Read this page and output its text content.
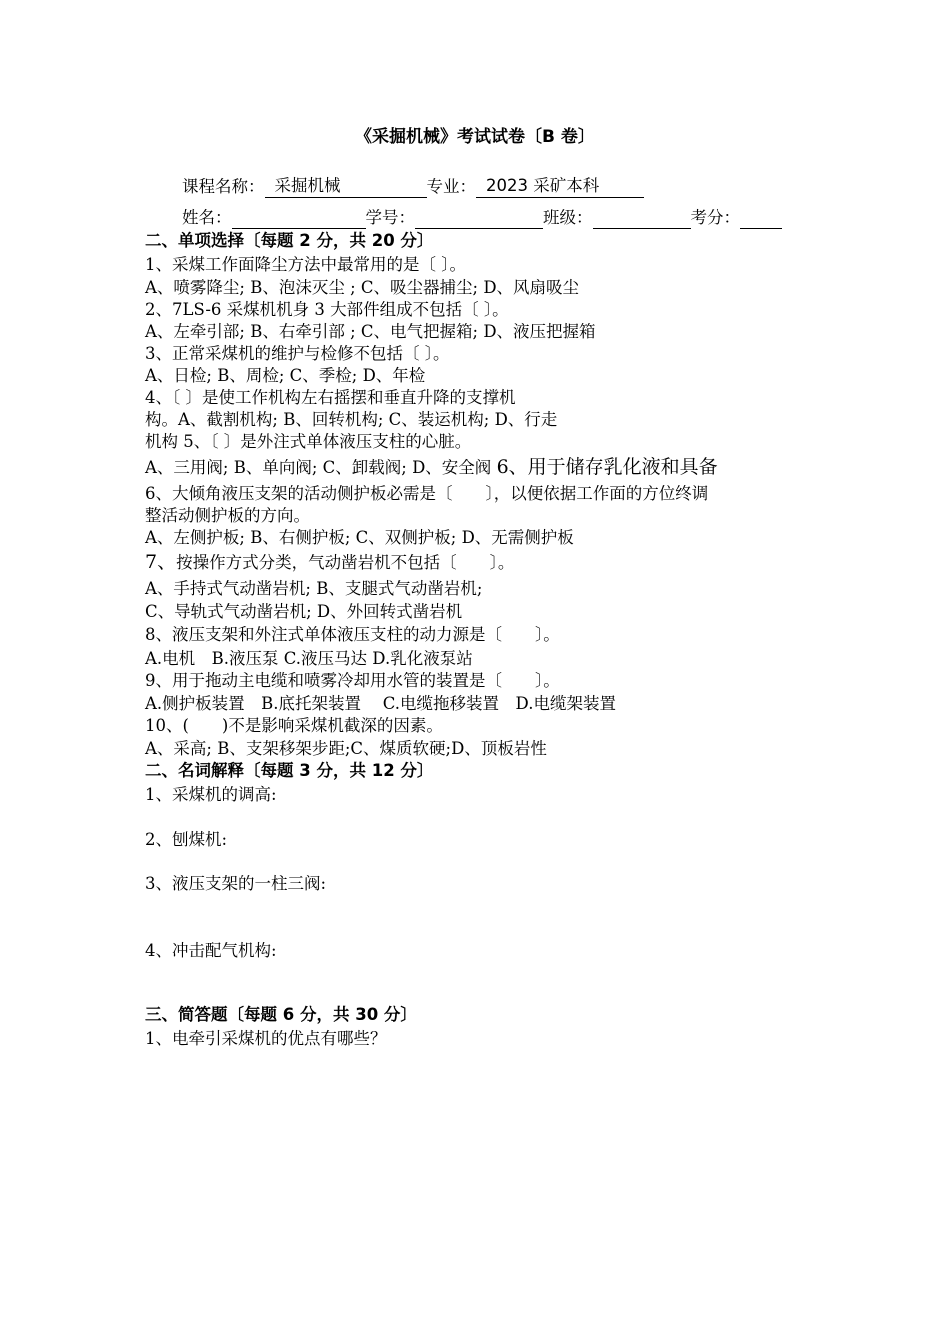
《采掘机械》考试试卷〔B 卷〕
课程名称： 采掘机械	专业： 2023 采矿本科
姓名：	学号：	班级：	考分：
二、单项选择〔每题 2 分，共 20 分〕
1、采煤工作面降尘方法中最常用的是〔 〕。
A、喷雾降尘; B、泡沫灭尘 ; C、吸尘器捕尘; D、风扇吸尘
2、7LS-6 采煤机机身 3 大部件组成不包括〔 〕。
A、左牵引部; B、右牵引部 ; C、电气把握箱; D、液压把握箱
3、正常采煤机的维护与检修不包括〔 〕。
A、日检; B、周检; C、季检; D、年检
4、〔 〕是使工作机构左右摇摆和垂直升降的支撑机
构。A、截割机构; B、回转机构; C、装运机构; D、行走
机构 5、〔 〕是外注式单体液压支柱的心脏。
A、三用阀; B、单向阀; C、卸载阀; D、安全阀 6、用于储存乳化液和具备
6、大倾角液压支架的活动侧护板必需是〔　　〕，以便依据工作面的方位终调
整活动侧护板的方向。
A、左侧护板; B、右侧护板; C、双侧护板; D、无需侧护板
7、按操作方式分类，气动凿岩机不包括〔　　〕。
A、手持式气动凿岩机; B、支腿式气动凿岩机;
C、导轨式气动凿岩机; D、外回转式凿岩机
8、液压支架和外注式单体液压支柱的动力源是〔　　〕。
A.电机　B.液压泵 C.液压马达 D.乳化液泵站
9、用于拖动主电缆和喷雾冷却用水管的装置是〔　　〕。
A.侧护板装置　B.底托架装置　 C.电缆拖移装置　D.电缆架装置
10、(　　)不是影响采煤机截深的因素。
A、采高; B、支架移架步距;C、煤质软硬;D、顶板岩性
二、名词解释〔每题 3 分，共 12 分〕
1、采煤机的调高:
2、刨煤机:
3、液压支架的一柱三阀:
4、冲击配气机构:
三、简答题〔每题 6 分，共 30 分〕
1、电牵引采煤机的优点有哪些？
